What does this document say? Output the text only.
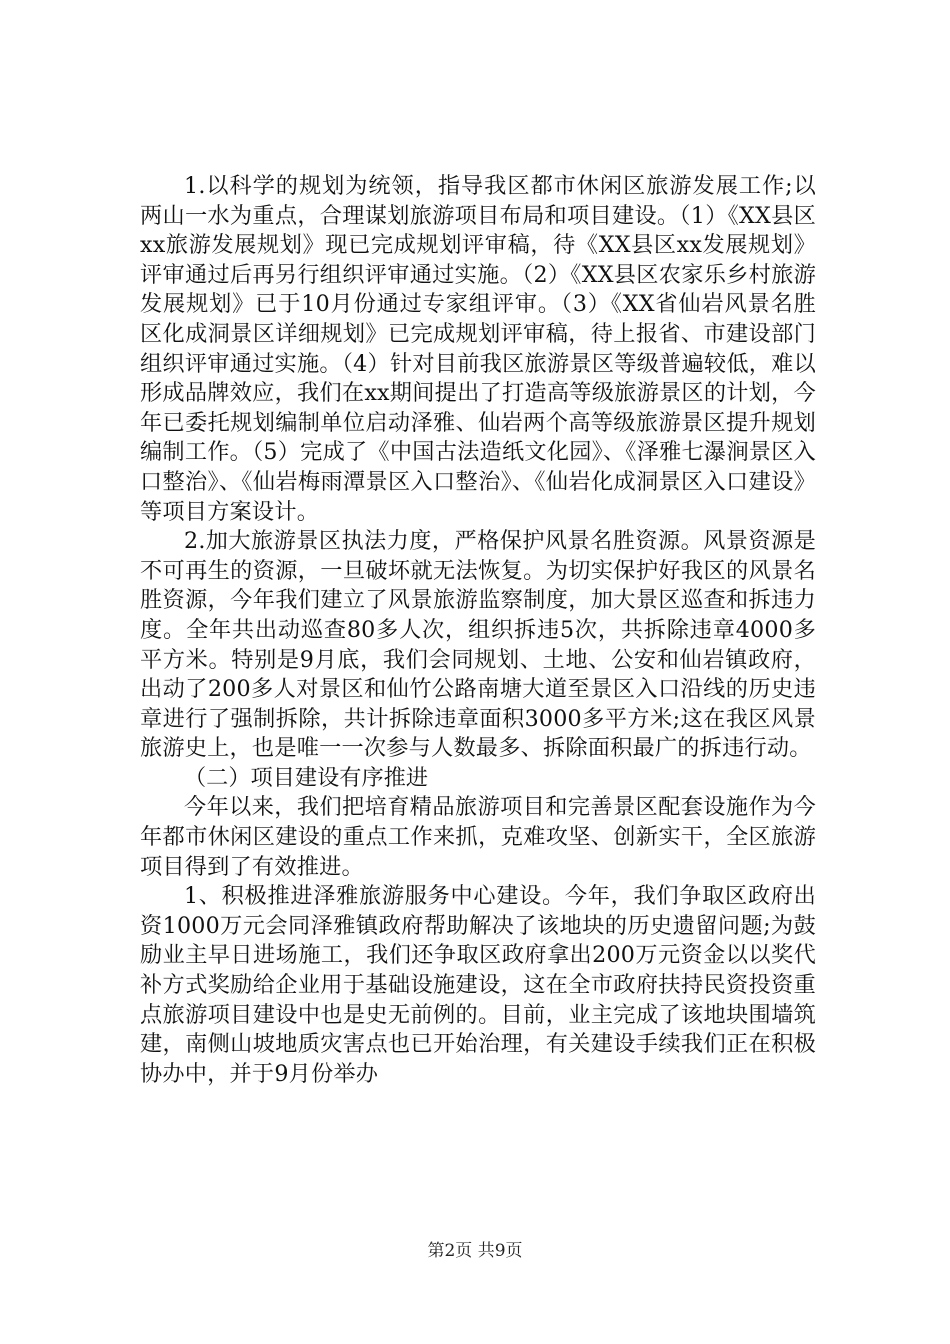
1.以科学的规划为统领，指导我区都市休闲区旅游发展工作;以两山一水为重点，合理谋划旅游项目布局和项目建设。（1）《XX县区xx旅游发展规划》现已完成规划评审稿，待《XX县区xx发展规划》评审通过后再另行组织评审通过实施。（2）《XX县区农家乐乡村旅游发展规划》已于10月份通过专家组评审。（3）《XX省仙岩风景名胜区化成洞景区详细规划》已完成规划评审稿，待上报省、市建设部门组织评审通过实施。（4）针对目前我区旅游景区等级普遍较低，难以形成品牌效应，我们在xx期间提出了打造高等级旅游景区的计划，今年已委托规划编制单位启动泽雅、仙岩两个高等级旅游景区提升规划编制工作。（5）完成了《中国古法造纸文化园》、《泽雅七瀑涧景区入口整治》、《仙岩梅雨潭景区入口整治》、《仙岩化成洞景区入口建设》等项目方案设计。

2.加大旅游景区执法力度，严格保护风景名胜资源。风景资源是不可再生的资源，一旦破坏就无法恢复。为切实保护好我区的风景名胜资源，今年我们建立了风景旅游监察制度，加大景区巡查和拆违力度。全年共出动巡查80多人次，组织拆违5次，共拆除违章4000多平方米。特别是9月底，我们会同规划、土地、公安和仙岩镇政府，出动了200多人对景区和仙竹公路南塘大道至景区入口沿线的历史违章进行了强制拆除，共计拆除违章面积3000多平方米;这在我区风景旅游史上，也是唯一一次参与人数最多、拆除面积最广的拆违行动。

（二）项目建设有序推进

今年以来，我们把培育精品旅游项目和完善景区配套设施作为今年都市休闲区建设的重点工作来抓，克难攻坚、创新实干，全区旅游项目得到了有效推进。

1、积极推进泽雅旅游服务中心建设。今年，我们争取区政府出资1000万元会同泽雅镇政府帮助解决了该地块的历史遗留问题;为鼓励业主早日进场施工，我们还争取区政府拿出200万元资金以以奖代补方式奖励给企业用于基础设施建设，这在全市政府扶持民资投资重点旅游项目建设中也是史无前例的。目前，业主完成了该地块围墙筑建，南侧山坡地质灾害点也已开始治理，有关建设手续我们正在积极协办中，并于9月份举办

第2页 共9页
